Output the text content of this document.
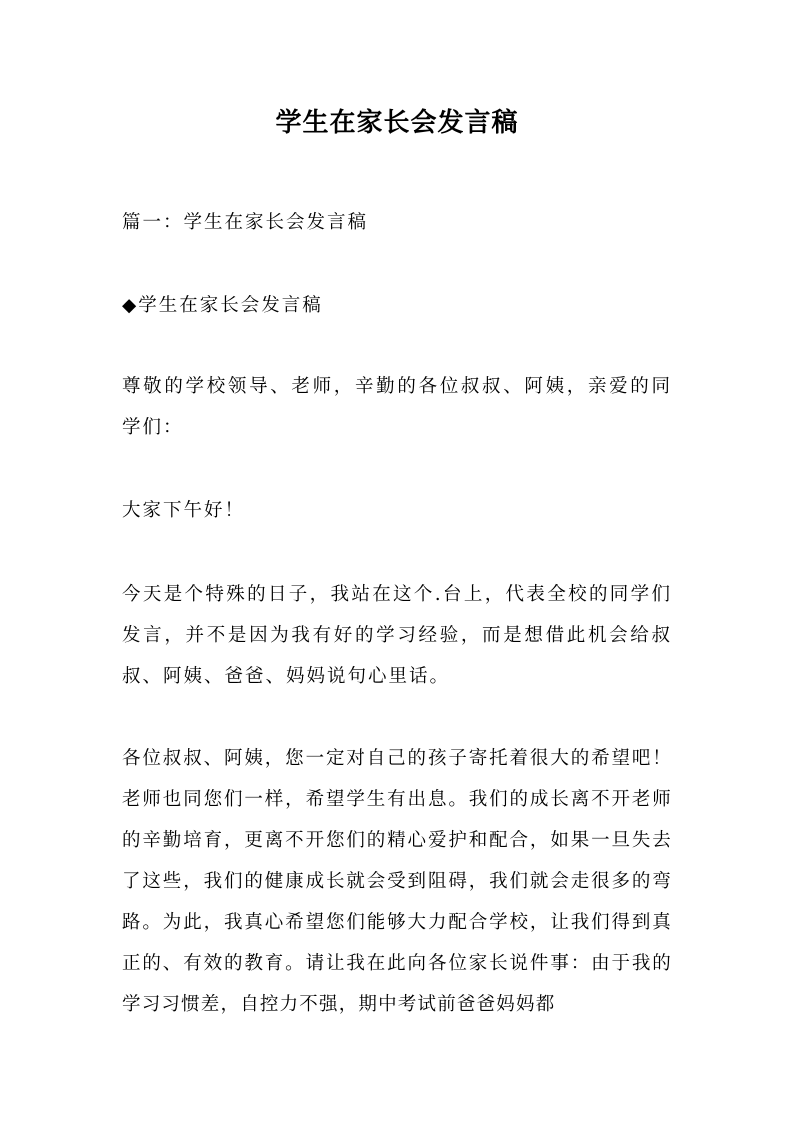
学生在家长会发言稿

篇一：学生在家长会发言稿

◆学生在家长会发言稿

尊敬的学校领导、老师，辛勤的各位叔叔、阿姨，亲爱的同学们：

大家下午好！

今天是个特殊的日子，我站在这个.台上，代表全校的同学们发言，并不是因为我有好的学习经验，而是想借此机会给叔叔、阿姨、爸爸、妈妈说句心里话。

各位叔叔、阿姨，您一定对自己的孩子寄托着很大的希望吧！老师也同您们一样，希望学生有出息。我们的成长离不开老师的辛勤培育，更离不开您们的精心爱护和配合，如果一旦失去了这些，我们的健康成长就会受到阻碍，我们就会走很多的弯路。为此，我真心希望您们能够大力配合学校，让我们得到真正的、有效的教育。请让我在此向各位家长说件事：由于我的学习习惯差，自控力不强，期中考试前爸爸妈妈都
